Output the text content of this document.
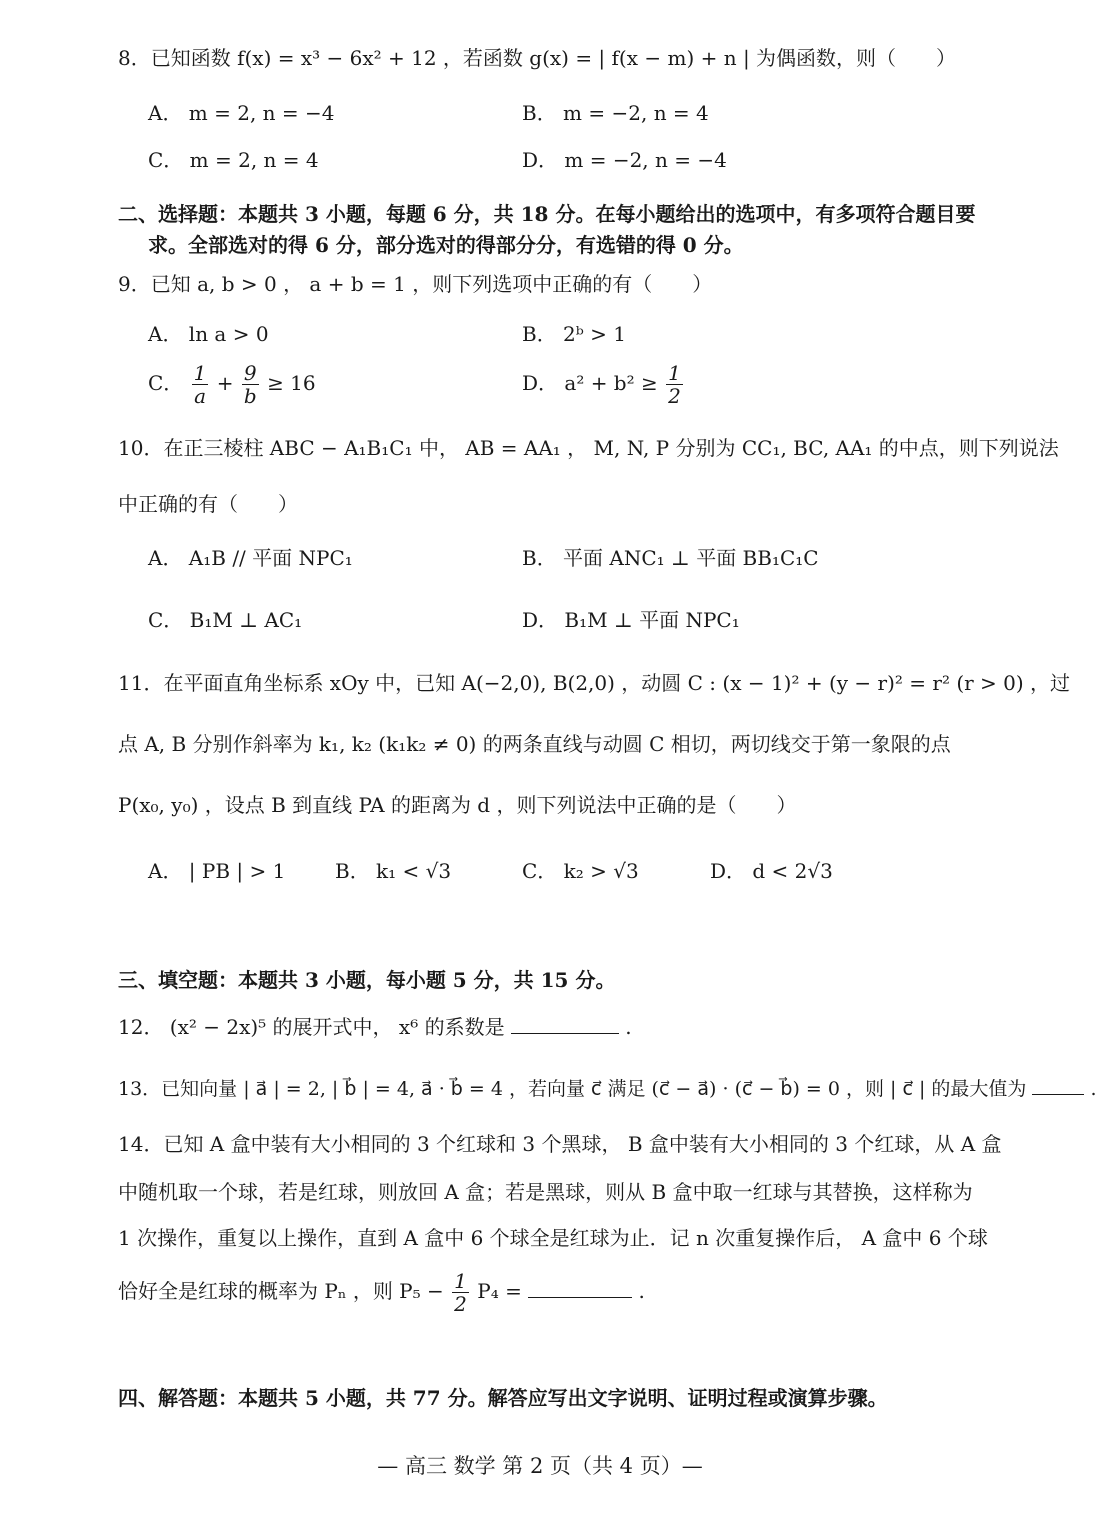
8．已知函数 f(x) = x³ − 6x² + 12 ，若函数 g(x) = | f(x − m) + n | 为偶函数，则（　　）
A． m = 2, n = −4	B． m = −2, n = 4
C． m = 2, n = 4	D． m = −2, n = −4
二、选择题：本题共 3 小题，每题 6 分，共 18 分。在每小题给出的选项中，有多项符合题目要
求。全部选对的得 6 分，部分选对的得部分分，有选错的得 0 分。
9．已知 a, b > 0 ， a + b = 1 ，则下列选项中正确的有（　　）
A． ln a > 0	B． 2ᵇ > 1
C． $\frac{1}{a} + \frac{9}{b} \ge 16$	D． $a^2 + b^2 \ge \frac{1}{2}$
10．在正三棱柱 ABC − A₁B₁C₁ 中， AB = AA₁ ， M, N, P 分别为 CC₁, BC, AA₁ 的中点，则下列说法
中正确的有（　　）
A． A₁B // 平面 NPC₁	B． 平面 ANC₁ ⊥ 平面 BB₁C₁C
C． B₁M ⊥ AC₁	D． B₁M ⊥ 平面 NPC₁
11．在平面直角坐标系 xOy 中，已知 A(−2,0), B(2,0) ，动圆 C : (x − 1)² + (y − r)² = r² (r > 0) ，过
点 A, B 分别作斜率为 k₁, k₂ (k₁k₂ ≠ 0) 的两条直线与动圆 C 相切，两切线交于第一象限的点
P(x₀, y₀) ，设点 B 到直线 PA 的距离为 d ，则下列说法中正确的是（　　）
A． | PB | > 1 B． k₁ < √3	C． k₂ > √3	D． d < 2√3
三、填空题：本题共 3 小题，每小题 5 分，共 15 分。
12． (x² − 2x)⁵ 的展开式中， x⁶ 的系数是	.
13．已知向量 | a⃗ | = 2, | b⃗ | = 4, a⃗ · b⃗ = 4 ，若向量 c⃗ 满足 (c⃗ − a⃗) · (c⃗ − b⃗) = 0 ，则 | c⃗ | 的最大值为	.
14．已知 A 盒中装有大小相同的 3 个红球和 3 个黑球， B 盒中装有大小相同的 3 个红球，从 A 盒
中随机取一个球，若是红球，则放回 A 盒；若是黑球，则从 B 盒中取一红球与其替换，这样称为
1 次操作，重复以上操作，直到 A 盒中 6 个球全是红球为止．记 n 次重复操作后， A 盒中 6 个球
恰好全是红球的概率为 Pₙ ，则 $P_5 - \frac{1}{2} P_4$ =	.
四、解答题：本题共 5 小题，共 77 分。解答应写出文字说明、证明过程或演算步骤。
— 高三 数学 第 2 页（共 4 页）—
